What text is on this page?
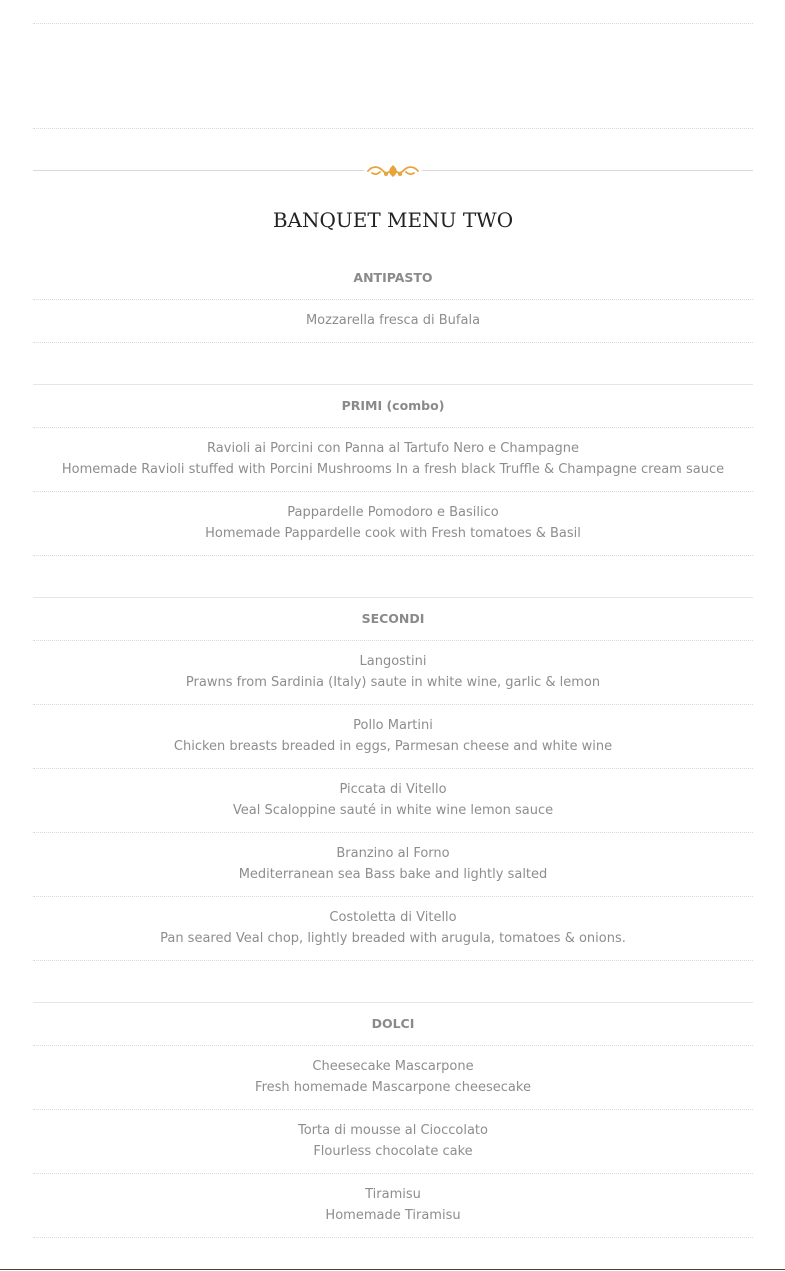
BANQUET MENU TWO
ANTIPASTO
Mozzarella fresca di Bufala
PRIMI (combo)
Ravioli ai Porcini con Panna al Tartufo Nero e Champagne
Homemade Ravioli stuffed with Porcini Mushrooms In a fresh black Truffle & Champagne cream sauce
Pappardelle Pomodoro e Basilico
Homemade Pappardelle cook with Fresh tomatoes & Basil
SECONDI
Langostini
Prawns from Sardinia (Italy) saute in white wine, garlic & lemon
Pollo Martini
Chicken breasts breaded in eggs, Parmesan cheese and white wine
Piccata di Vitello
Veal Scaloppine sauté in white wine lemon sauce
Branzino al Forno
Mediterranean sea Bass bake and lightly salted
Costoletta di Vitello
Pan seared Veal chop, lightly breaded with arugula, tomatoes & onions.
DOLCI
Cheesecake Mascarpone
Fresh homemade Mascarpone cheesecake
Torta di mousse al Cioccolato
Flourless chocolate cake
Tiramisu
Homemade Tiramisu
